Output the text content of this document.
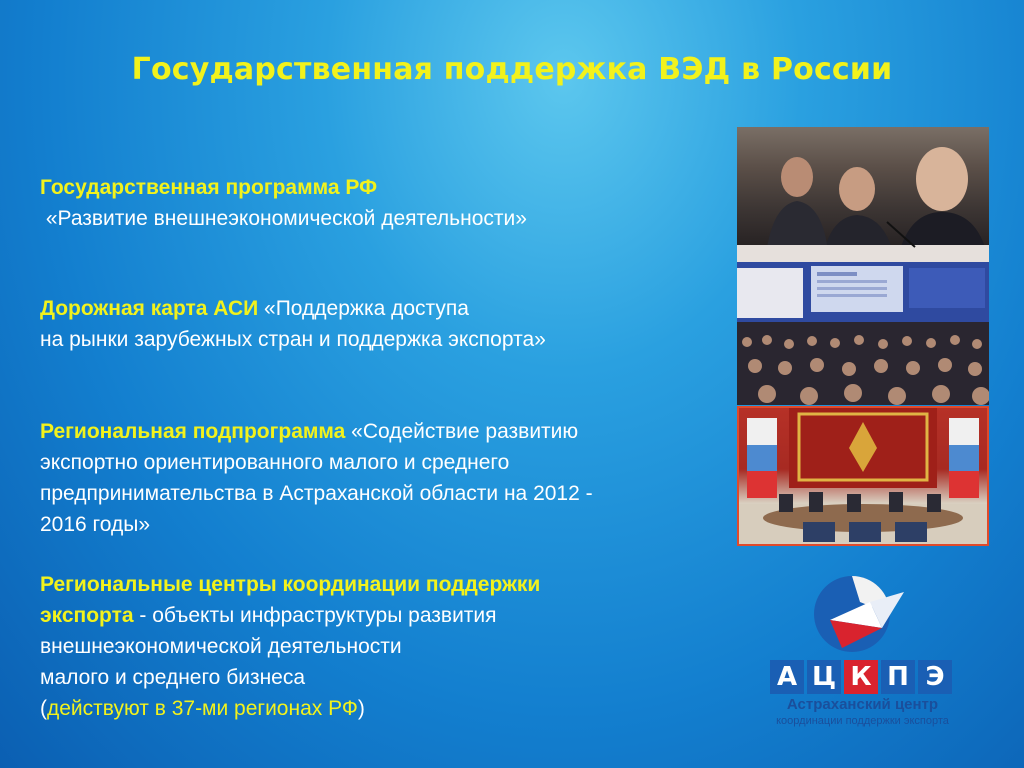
Государственная поддержка ВЭД в России
Государственная программа РФ
«Развитие внешнеэкономической деятельности»
Дорожная карта АСИ «Поддержка доступа
на рынки зарубежных стран и поддержка экспорта»
Региональная подпрограмма «Содействие развитию
экспортно ориентированного малого и среднего
предпринимательства в Астраханской области на 2012 -
2016 годы»
Региональные центры координации поддержки
экспорта - объекты инфраструктуры развития
внешнеэкономической деятельности
малого и среднего бизнеса
(действуют в 37-ми регионах РФ)
А Ц К П Э
Астраханский центр
координации поддержки экспорта
